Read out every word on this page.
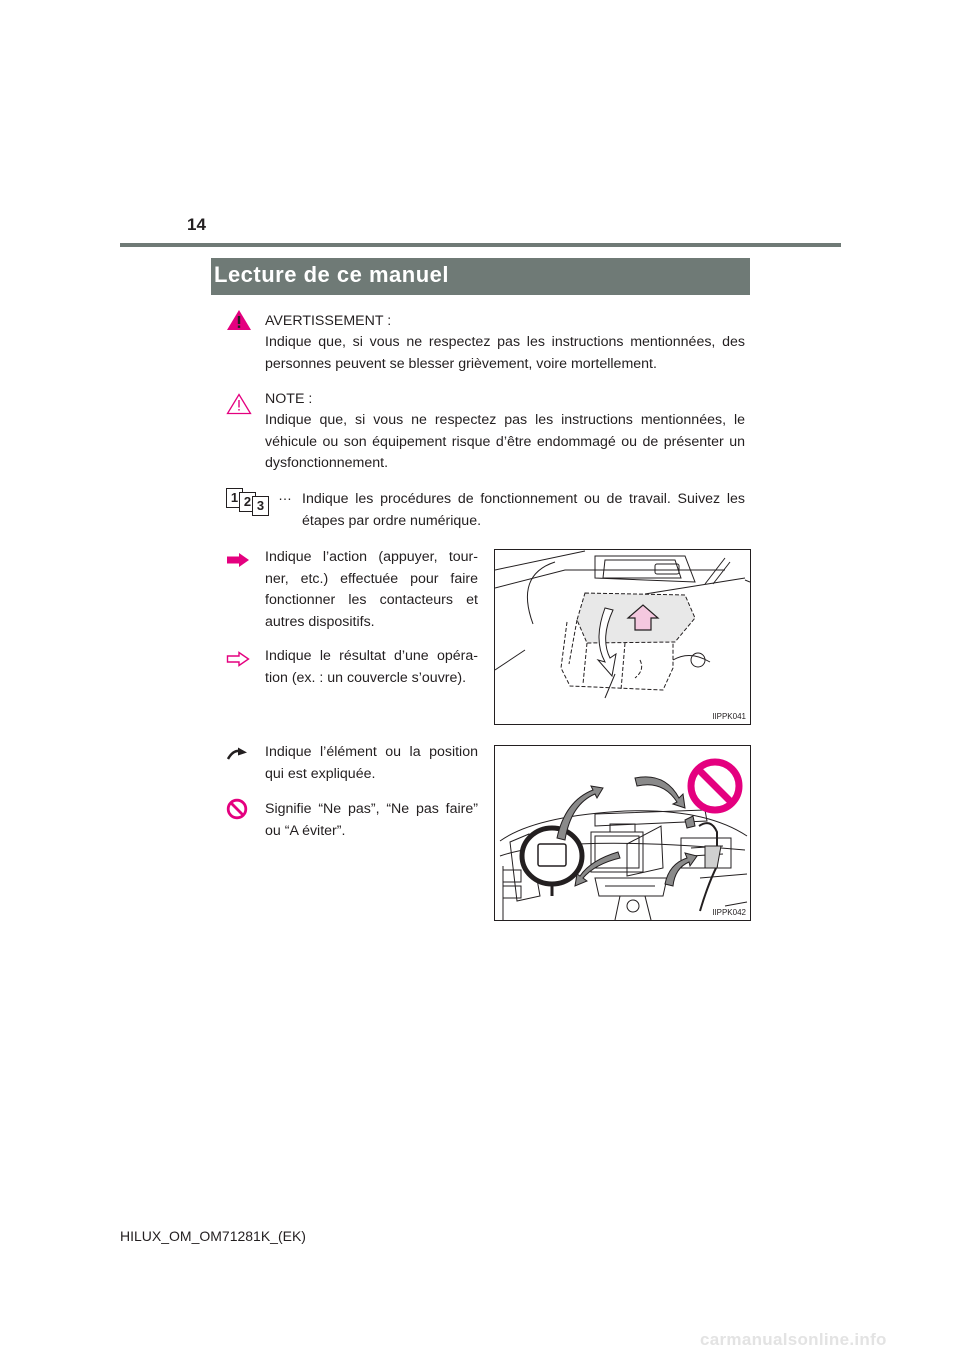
14
Lecture de ce manuel
AVERTISSEMENT :
Indique que, si vous ne respectez pas les instructions mentionnées, des personnes peuvent se blesser grièvement, voire mortellement.
NOTE :
Indique que, si vous ne respectez pas les instructions mentionnées, le véhicule ou son équipement risque d’être endommagé ou de présenter un dysfonctionnement.
1 2 3
… Indique les procédures de fonctionnement ou de travail. Suivez les étapes par ordre numérique.
Indique l’action (appuyer, tour-ner, etc.) effectuée pour faire fonctionner les contacteurs et autres dispositifs.
Indique le résultat d’une opéra-tion (ex. : un couvercle s’ouvre).
Indique l’élément ou la position qui est expliquée.
Signifie “Ne pas”, “Ne pas faire” ou “A éviter”.
IIPPK041
IIPPK042
HILUX_OM_OM71281K_(EK)
carmanualsonline.info
